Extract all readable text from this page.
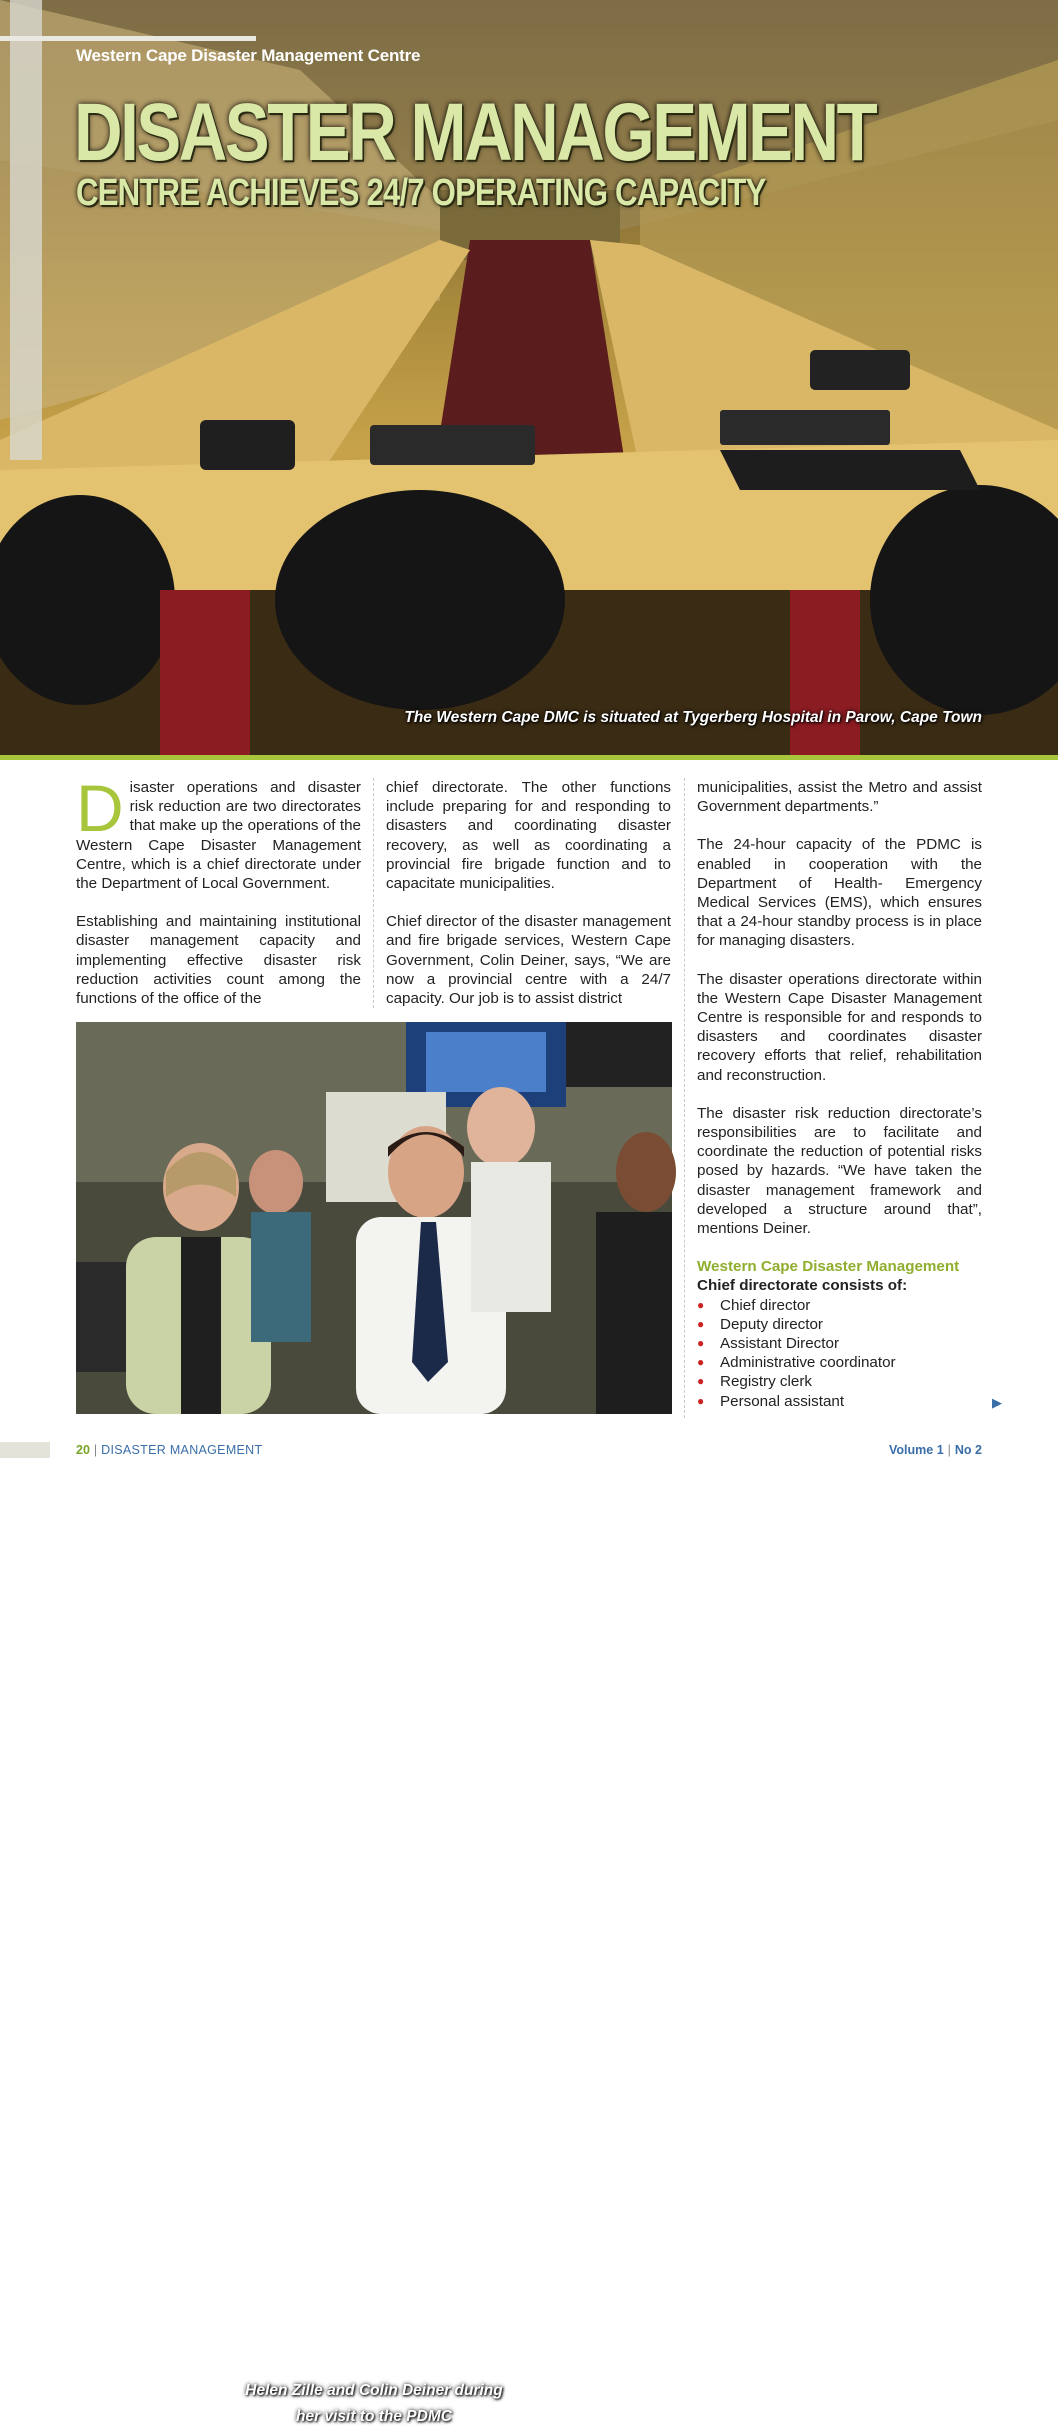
Western Cape Disaster Management Centre
DISASTER MANAGEMENT
CENTRE ACHIEVES 24/7 OPERATING CAPACITY
The Western Cape DMC is situated at Tygerberg Hospital in Parow, Cape Town

Disaster operations and disaster risk reduction are two directorates that make up the operations of the Western Cape Disaster Management Centre, which is a chief directorate under the Department of Local Government.

Establishing and maintaining institutional disaster management capacity and implementing effective disaster risk reduction activities count among the functions of the office of the

chief directorate. The other functions include preparing for and responding to disasters and coordinating disaster recovery, as well as coordinating a provincial fire brigade function and to capacitate municipalities.

Chief director of the disaster management and fire brigade services, Western Cape Government, Colin Deiner, says, “We are now a provincial centre with a 24/7 capacity. Our job is to assist district

Helen Zille and Colin Deiner during
her visit to the PDMC

municipalities, assist the Metro and assist Government departments.”

The 24-hour capacity of the PDMC is enabled in cooperation with the Department of Health- Emergency Medical Services (EMS), which ensures that a 24-hour standby process is in place for managing disasters.

The disaster operations directorate within the Western Cape Disaster Management Centre is responsible for and responds to disasters and coordinates disaster recovery efforts that relief, rehabilitation and reconstruction.

The disaster risk reduction directorate’s responsibilities are to facilitate and coordinate the reduction of potential risks posed by hazards. “We have taken the disaster management framework and developed a structure around that”, mentions Deiner.

Western Cape Disaster Management
Chief directorate consists of:
● Chief director
● Deputy director
● Assistant Director
● Administrative coordinator
● Registry clerk
● Personal assistant	▶
20 | DISASTER MANAGEMENT	Volume 1 | No 2
